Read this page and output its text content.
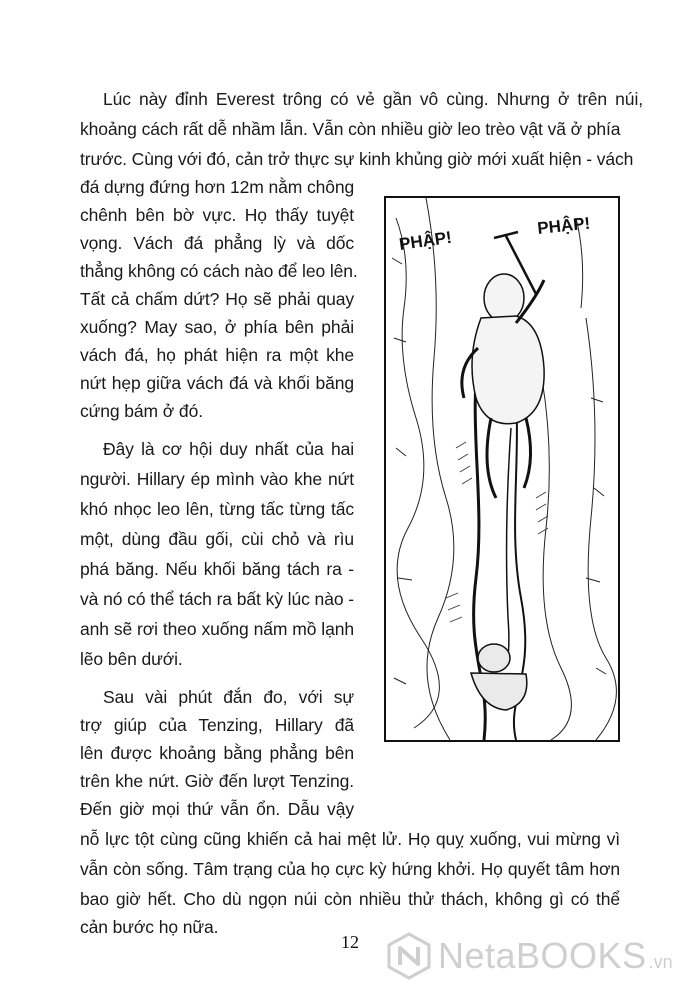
Lúc này đỉnh Everest trông có vẻ gần vô cùng. Nhưng ở trên núi,
khoảng cách rất dễ nhầm lẫn. Vẫn còn nhiều giờ leo trèo vật vã ở phía
trước. Cùng với đó, cản trở thực sự kinh khủng giờ mới xuất hiện - vách
đá dựng đứng hơn 12m nằm chông
chênh bên bờ vực. Họ thấy tuyệt
vọng. Vách đá phẳng lỳ và dốc
thẳng không có cách nào để leo lên.
Tất cả chấm dứt? Họ sẽ phải quay
xuống? May sao, ở phía bên phải
vách đá, họ phát hiện ra một khe
nứt hẹp giữa vách đá và khối băng
cứng bám ở đó.
Đây là cơ hội duy nhất của hai
người. Hillary ép mình vào khe nứt
khó nhọc leo lên, từng tấc từng tấc
một, dùng đầu gối, cùi chỏ và rìu
phá băng. Nếu khối băng tách ra -
và nó có thể tách ra bất kỳ lúc nào -
anh sẽ rơi theo xuống nấm mồ lạnh
lẽo bên dưới.
Sau vài phút đắn đo, với sự
trợ giúp của Tenzing, Hillary đã
lên được khoảng bằng phẳng bên
trên khe nứt. Giờ đến lượt Tenzing.
Đến giờ mọi thứ vẫn ổn. Dẫu vậy
nỗ lực tột cùng cũng khiến cả hai mệt lử. Họ quỵ xuống, vui mừng vì
vẫn còn sống. Tâm trạng của họ cực kỳ hứng khởi. Họ quyết tâm hơn
bao giờ hết. Cho dù ngọn núi còn nhiều thử thách, không gì có thể
cản bước họ nữa.
PHẬP!
PHẬP!
12	NetaBOOKS .vn
